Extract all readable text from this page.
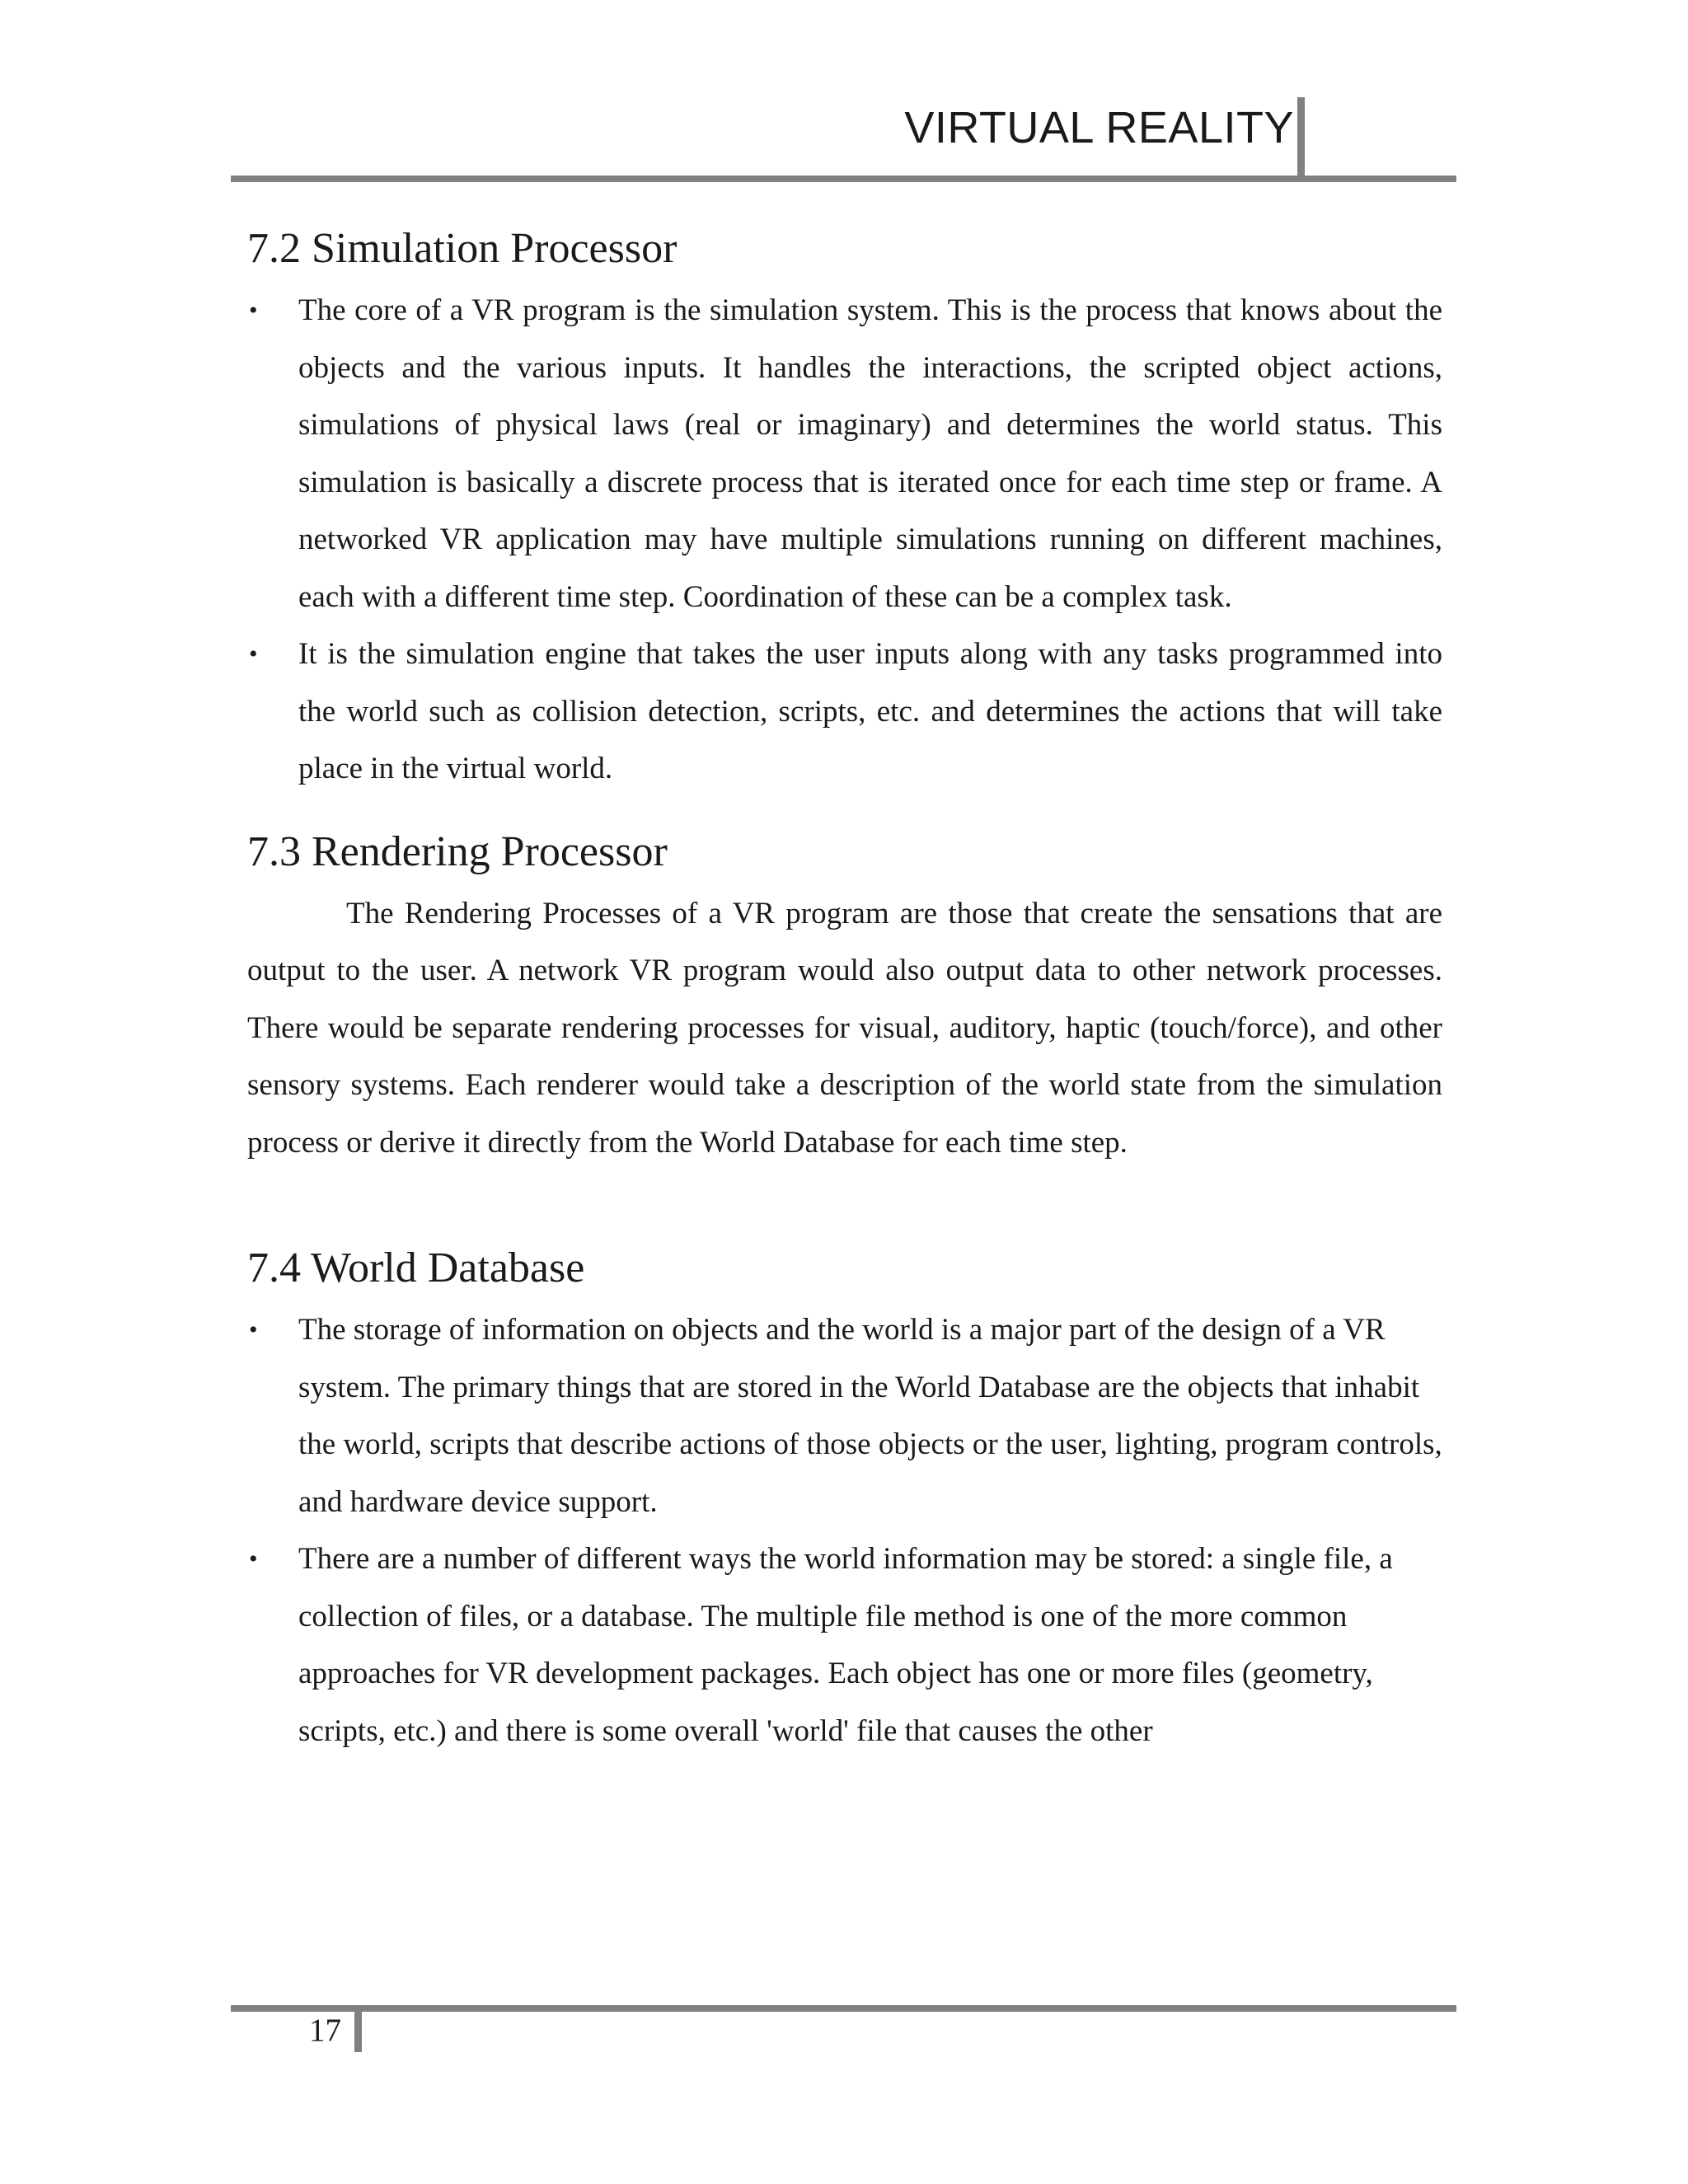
VIRTUAL REALITY
7.2 Simulation Processor
• The core of a VR program is the simulation system. This is the process that knows about the objects and the various inputs. It handles the interactions, the scripted object actions, simulations of physical laws (real or imaginary) and determines the world status. This simulation is basically a discrete process that is iterated once for each time step or frame. A networked VR application may have multiple simulations running on different machines, each with a different time step. Coordination of these can be a complex task.
• It is the simulation engine that takes the user inputs along with any tasks programmed into the world such as collision detection, scripts, etc. and determines the actions that will take place in the virtual world.
7.3 Rendering Processor

The Rendering Processes of a VR program are those that create the sensations that are output to the user. A network VR program would also output data to other network processes. There would be separate rendering processes for visual, auditory, haptic (touch/force), and other sensory systems. Each renderer would take a description of the world state from the simulation process or derive it directly from the World Database for each time step.

7.4 World Database
• The storage of information on objects and the world is a major part of the design of a VR system. The primary things that are stored in the World Database are the objects that inhabit the world, scripts that describe actions of those objects or the user, lighting, program controls, and hardware device support.
• There are a number of different ways the world information may be stored: a single file, a collection of files, or a database. The multiple file method is one of the more common approaches for VR development packages. Each object has one or more files (geometry, scripts, etc.) and there is some overall 'world' file that causes the other
17
